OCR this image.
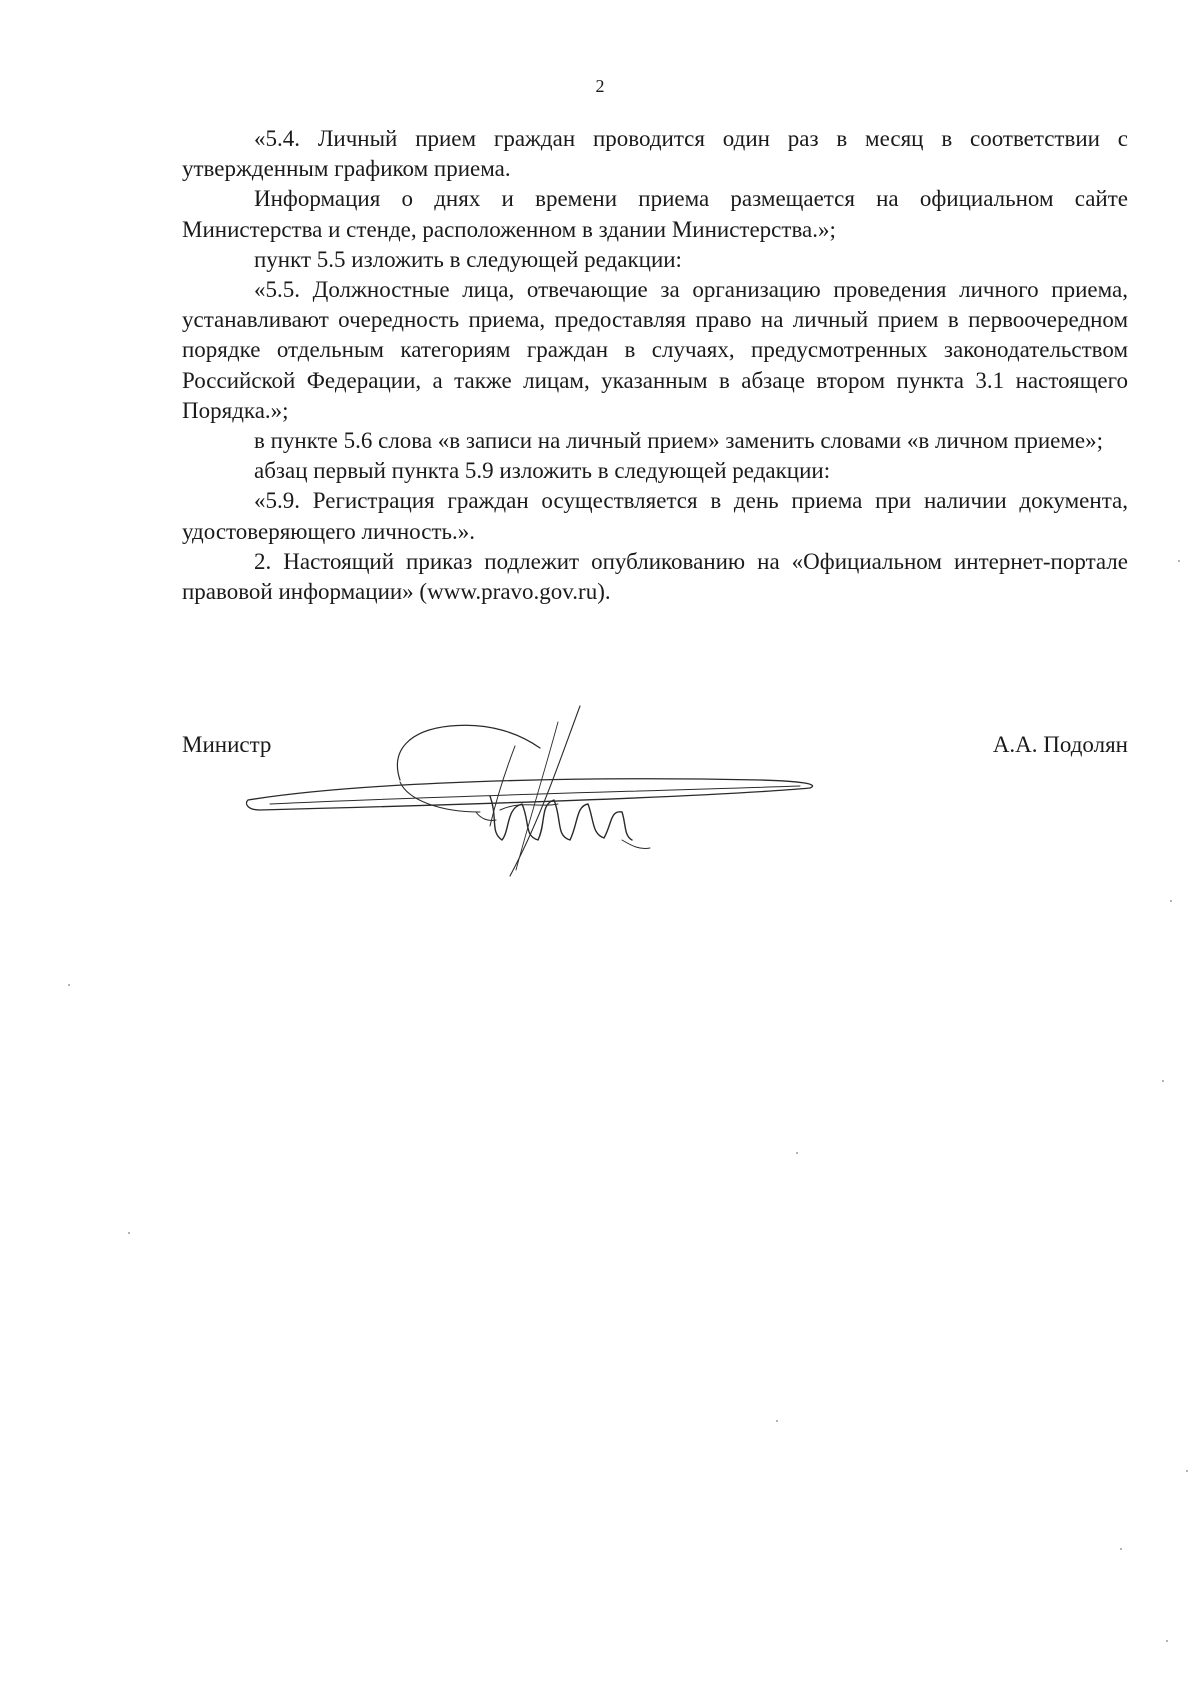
2

«5.4. Личный прием граждан проводится один раз в месяц в соответствии с утвержденным графиком приема.

Информация о днях и времени приема размещается на официальном сайте Министерства и стенде, расположенном в здании Министерства.»;

пункт 5.5 изложить в следующей редакции:

«5.5. Должностные лица, отвечающие за организацию проведения личного приема, устанавливают очередность приема, предоставляя право на личный прием в первоочередном порядке отдельным категориям граждан в случаях, предусмотренных законодательством Российской Федерации, а также лицам, указанным в абзаце втором пункта 3.1 настоящего Порядка.»;

в пункте 5.6 слова «в записи на личный прием» заменить словами «в личном приеме»;

абзац первый пункта 5.9 изложить в следующей редакции:

«5.9. Регистрация граждан осуществляется в день приема при наличии документа, удостоверяющего личность.».

2. Настоящий приказ подлежит опубликованию на «Официальном интернет-портале правовой информации» (www.pravo.gov.ru).

Министр	А.А. Подолян
